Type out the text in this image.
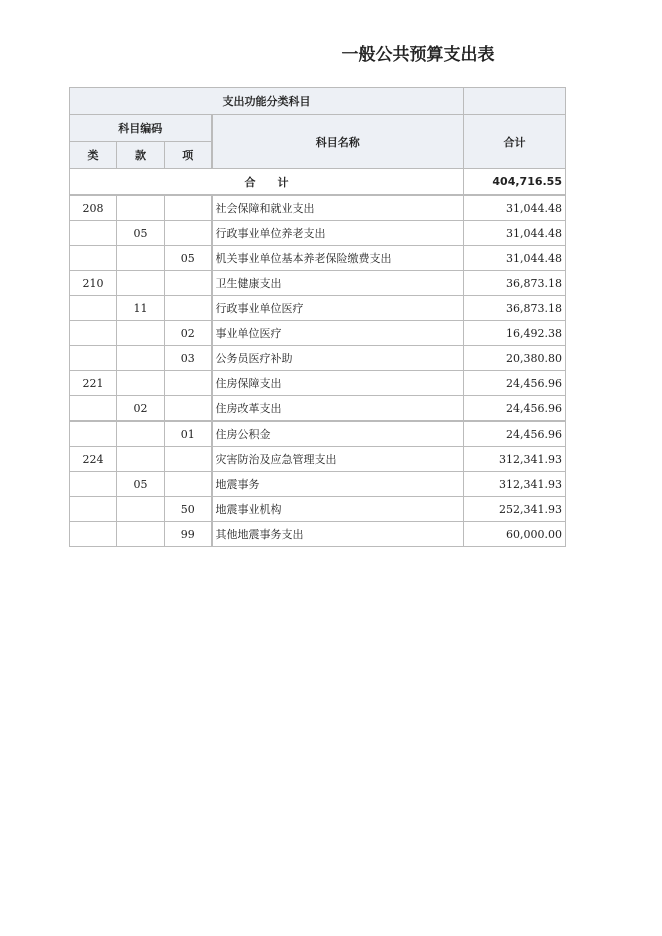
一般公共预算支出表
支出功能分类科目				
科目编码			科目名称	合计
类	款	项		
合　　计				404,716.55
208			社会保障和就业支出	31,044.48
	05		行政事业单位养老支出	31,044.48
		05	机关事业单位基本养老保险缴费支出	31,044.48
210			卫生健康支出	36,873.18
	11		行政事业单位医疗	36,873.18
		02	事业单位医疗	16,492.38
		03	公务员医疗补助	20,380.80
221			住房保障支出	24,456.96
	02		住房改革支出	24,456.96
		01	住房公积金	24,456.96
224			灾害防治及应急管理支出	312,341.93
	05		地震事务	312,341.93
		50	地震事业机构	252,341.93
		99	其他地震事务支出	60,000.00
